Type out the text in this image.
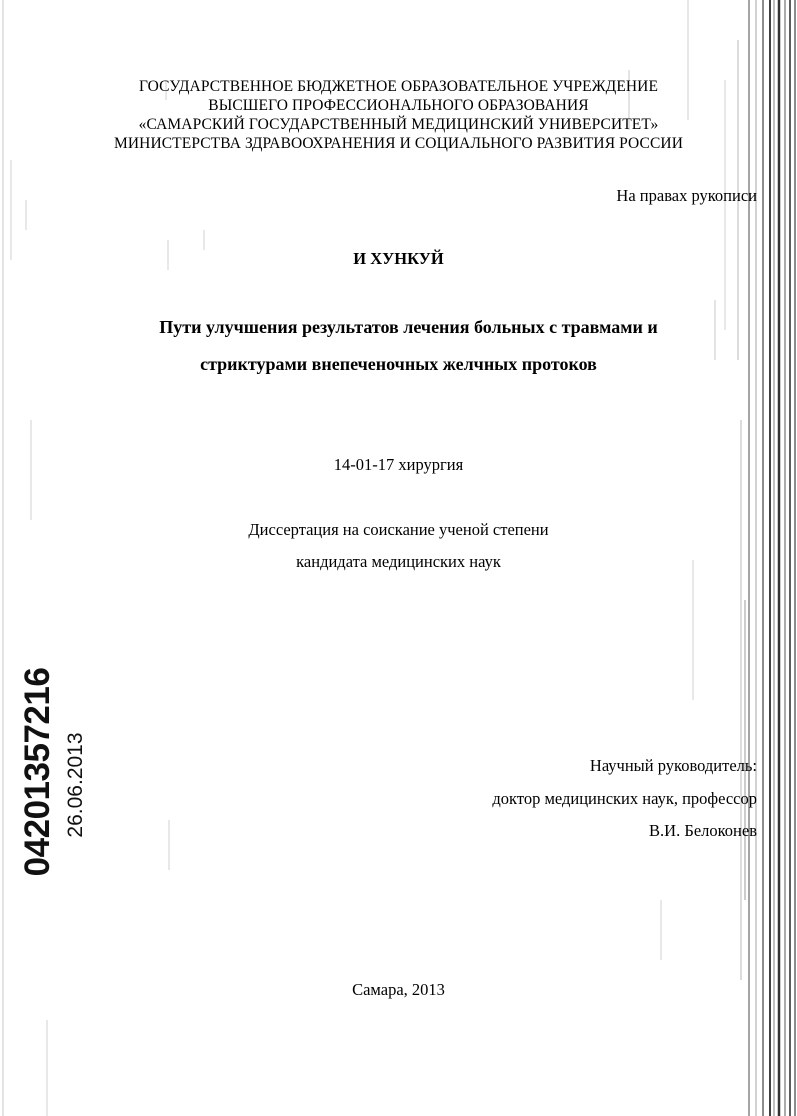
ГОСУДАРСТВЕННОЕ БЮДЖЕТНОЕ ОБРАЗОВАТЕЛЬНОЕ УЧРЕЖДЕНИЕ
ВЫСШЕГО ПРОФЕССИОНАЛЬНОГО ОБРАЗОВАНИЯ
«САМАРСКИЙ ГОСУДАРСТВЕННЫЙ МЕДИЦИНСКИЙ УНИВЕРСИТЕТ»
МИНИСТЕРСТВА ЗДРАВООХРАНЕНИЯ И СОЦИАЛЬНОГО РАЗВИТИЯ РОССИИ
На правах рукописи
И ХУНКУЙ
Пути улучшения результатов лечения больных с травмами и
стриктурами внепеченочных желчных протоков
14-01-17 хирургия
Диссертация на соискание ученой степени
кандидата медицинских наук
Научный руководитель:
доктор медицинских наук, профессор
В.И. Белоконев
Самара, 2013
04201357216 26.06.2013
